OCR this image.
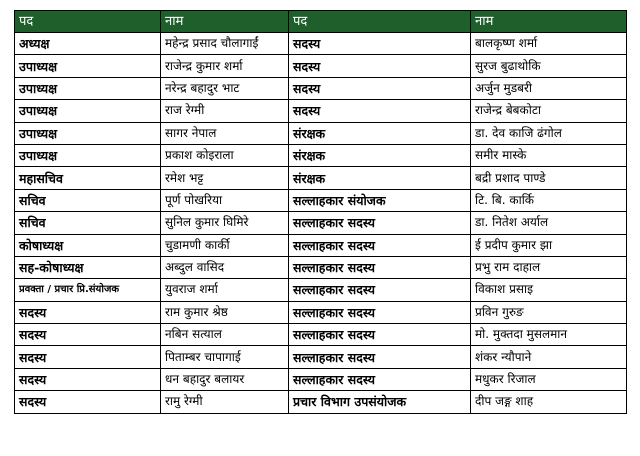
पद	नाम	पद	नाम
अध्यक्ष	महेन्द्र प्रसाद चौलागाईं	सदस्य	बालकृष्ण शर्मा
उपाध्यक्ष	राजेन्द्र कुमार शर्मा	सदस्य	सुरज बुढाथोकि
उपाध्यक्ष	नरेन्द्र बहादुर भाट	सदस्य	अर्जुन मुडबरी
उपाध्यक्ष	राज रेग्मी	सदस्य	राजेन्द्र बेबकोटा
उपाध्यक्ष	सागर नेपाल	संरक्षक	डा. देव काजि ढंगोल
उपाध्यक्ष	प्रकाश कोइराला	संरक्षक	समीर मास्के
महासचिव	रमेश भट्ट	संरक्षक	बद्री प्रशाद पाण्डे
सचिव	पूर्ण पोखरिया	सल्लाहकार संयोजक	टि. बि. कार्कि
सचिव	सुनिल कुमार घिमिरे	सल्लाहकार सदस्य	डा. नितेश अर्याल
कोषाध्यक्ष	चुडामणी कार्की	सल्लाहकार सदस्य	ई प्रदीप कुमार झा
सह-कोषाध्यक्ष	अब्दुल वासिद	सल्लाहकार सदस्य	प्रभु राम दाहाल
प्रवक्ता / प्रचार प्रि.संयोजक	युवराज शर्मा	सल्लाहकार सदस्य	विकाश प्रसाइ
सदस्य	राम कुमार श्रेष्ठ	सल्लाहकार सदस्य	प्रविन गुरुङ
सदस्य	नबिन सत्याल	सल्लाहकार सदस्य	मो. मुक्तदा मुसलमान
सदस्य	पिताम्बर चापागाई	सल्लाहकार सदस्य	शंकर न्यौपाने
सदस्य	धन बहादुर बलायर	सल्लाहकार सदस्य	मधुकर रिजाल
सदस्य	रामु रेग्मी	प्रचार विभाग उपसंयोजक	दीप जङ्ग शाह
